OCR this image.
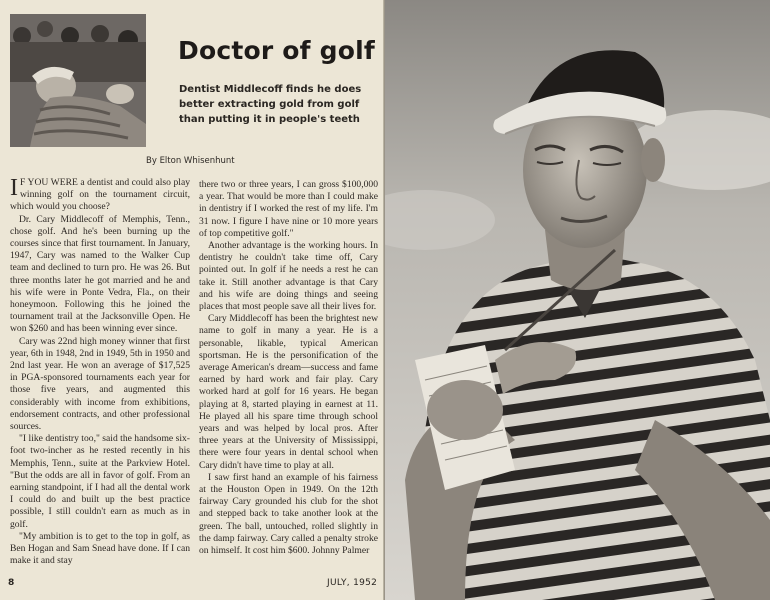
Doctor of golf
Dentist Middlecoff finds he does better extracting gold from golf than putting it in people's teeth
By Elton Whisenhunt

I F YOU WERE a dentist and could also play winning golf on the tournament circuit, which would you choose?

Dr. Cary Middlecoff of Memphis, Tenn., chose golf. And he's been burning up the courses since that first tournament. In January, 1947, Cary was named to the Walker Cup team and declined to turn pro. He was 26. But three months later he got married and he and his wife were in Ponte Vedra, Fla., on their honeymoon. Following this he joined the tournament trail at the Jacksonville Open. He won $260 and has been winning ever since.

Cary was 22nd high money winner that first year, 6th in 1948, 2nd in 1949, 5th in 1950 and 2nd last year. He won an average of $17,525 in PGA-sponsored tournaments each year for those five years, and augmented this considerably with income from exhibitions, endorsement contracts, and other professional sources.

"I like dentistry too," said the handsome six-foot two-incher as he rested recently in his Memphis, Tenn., suite at the Parkview Hotel. "But the odds are all in favor of golf. From an earning standpoint, if I had all the dental work I could do and built up the best practice possible, I still couldn't earn as much as in golf.

"My ambition is to get to the top in golf, as Ben Hogan and Sam Snead have done. If I can make it and stay

there two or three years, I can gross $100,000 a year. That would be more than I could make in dentistry if I worked the rest of my life. I'm 31 now. I figure I have nine or 10 more years of top competitive golf."

Another advantage is the working hours. In dentistry he couldn't take time off, Cary pointed out. In golf if he needs a rest he can take it. Still another advantage is that Cary and his wife are doing things and seeing places that most people save all their lives for.

Cary Middlecoff has been the brightest new name to golf in many a year. He is a personable, likable, typical American sportsman. He is the personification of the average American's dream—success and fame earned by hard work and fair play. Cary worked hard at golf for 16 years. He began playing at 8, started playing in earnest at 11. He played all his spare time through school years and was helped by local pros. After three years at the University of Mississippi, there were four years in dental school when Cary didn't have time to play at all.

I saw first hand an example of his fairness at the Houston Open in 1949. On the 12th fairway Cary grounded his club for the shot and stepped back to take another look at the green. The ball, untouched, rolled slightly in the damp fairway. Cary called a penalty stroke on himself. It cost him $600. Johnny Palmer

8	JULY, 1952
